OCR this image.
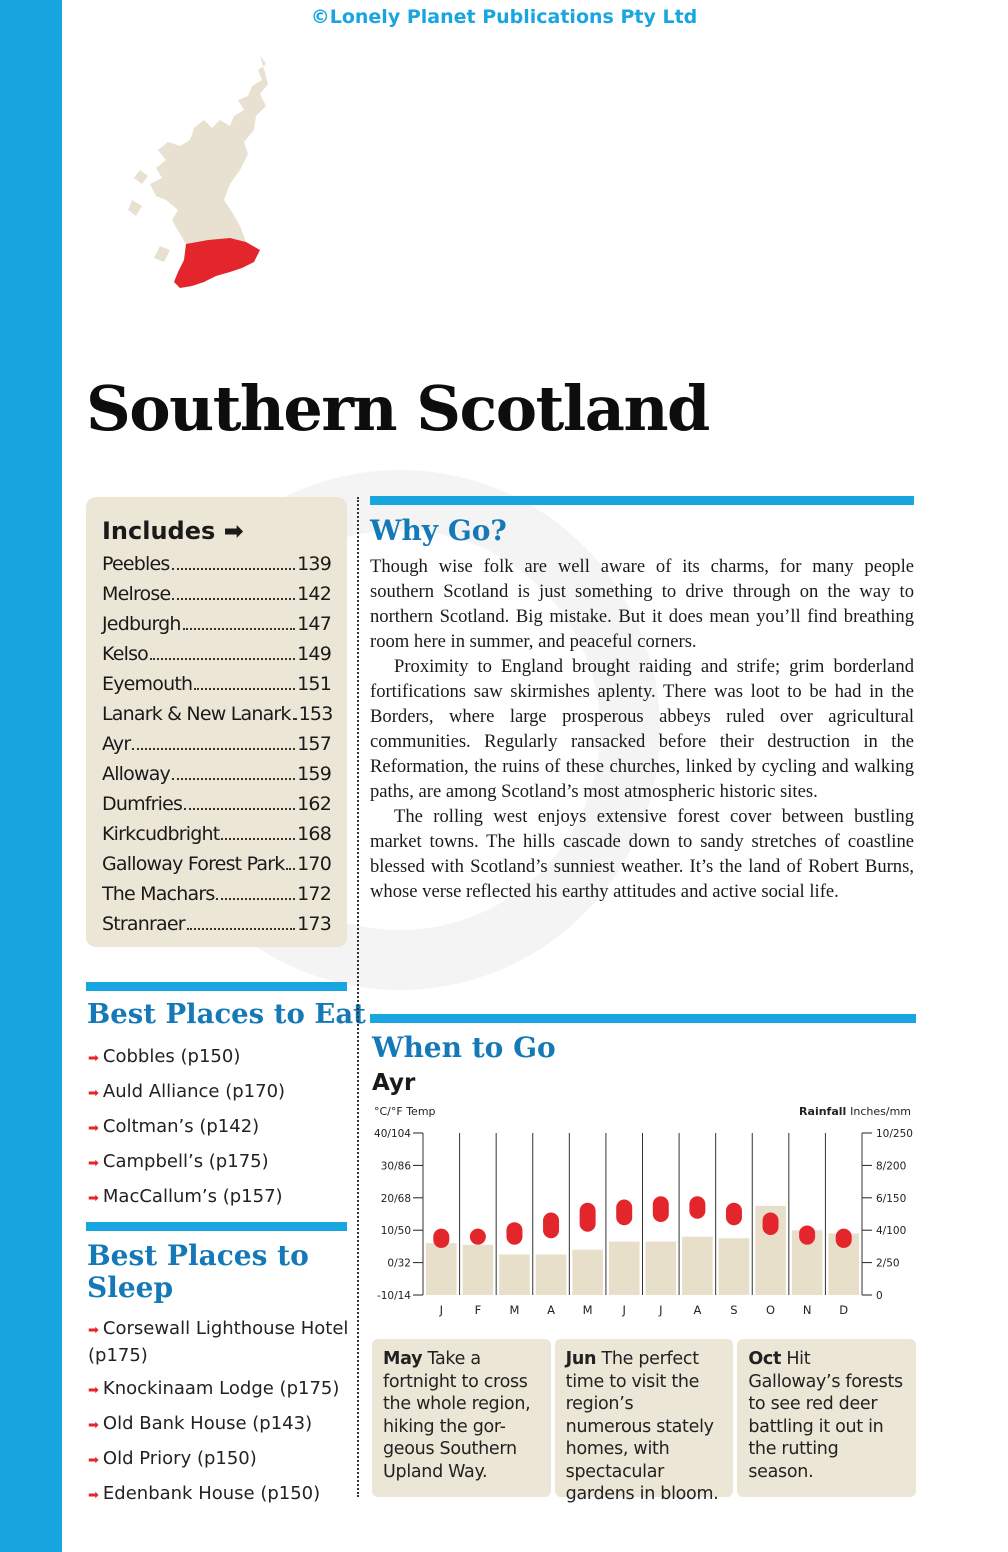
©Lonely Planet Publications Pty Ltd
Southern Scotland
Includes ➡
Peebles	139
Melrose	142
Jedburgh	147
Kelso	149
Eyemouth	151
Lanark & New Lanark 153
Ayr	157
Alloway	159
Dumfries	162
Kirkcudbright	168
Galloway Forest Park 170
The Machars	172
Stranraer	173
Best Places to Eat
➡ Cobbles (p150)
➡ Auld Alliance (p170)
➡ Coltman’s (p142)
➡ Campbell’s (p175)
➡ MacCallum’s (p157)
Best Places to
Sleep
➡ Corsewall Lighthouse Hotel (p175)
➡ Knockinaam Lodge (p175)
➡ Old Bank House (p143)
➡ Old Priory (p150)
➡ Edenbank House (p150)
Why Go?

Though wise folk are well aware of its charms, for many people southern Scotland is just something to drive through on the way to northern Scotland. Big mistake. But it does mean you’ll find breathing room here in summer, and peaceful corners.

Proximity to England brought raiding and strife; grim borderland fortifications saw skirmishes aplenty. There was loot to be had in the Borders, where large prosperous abbeys ruled over agricultural communities. Regularly ransacked before their destruction in the Reformation, the ruins of these churches, linked by cycling and walking paths, are among Scotland’s most atmospheric historic sites.

The rolling west enjoys extensive forest cover between bustling market towns. The hills cascade down to sandy stretches of coastline blessed with Scotland’s sunniest weather. It’s the land of Robert Burns, whose verse reflected his earthy attitudes and active social life.

When to Go
Ayr
°C/°F Temp	Rainfall Inches/mm
40/104	10/250
30/86	8/200
20/68	6/150
10/50	4/100
0/32	2/50
-10/14	0
J	F M A M	J	J	A	S O N D
May Take a fortnight to cross the whole region, hiking the gor-geous Southern Upland Way.
Jun The perfect time to visit the region’s numerous stately homes, with spectacular gardens in bloom.
Oct Hit Galloway’s forests to see red deer battling it out in the rutting season.
